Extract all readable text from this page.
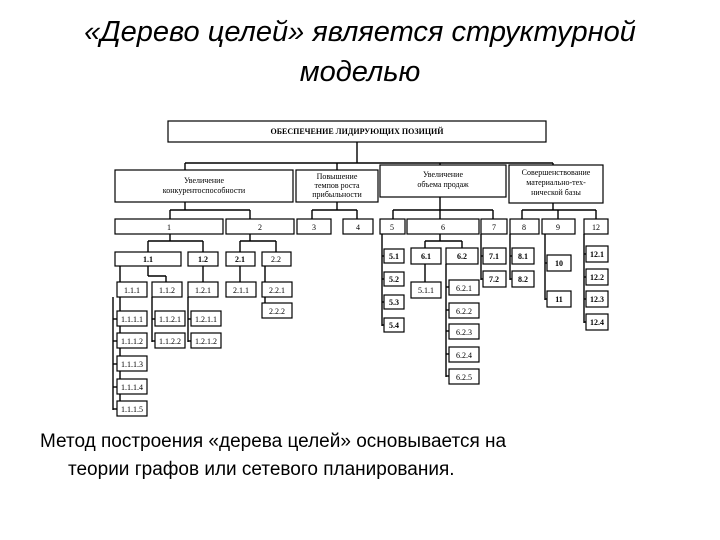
«Дерево целей» является структурной
моделью
ОБЕСПЕЧЕНИЕ ЛИДИРУЮЩИХ ПОЗИЦИЙ
Увеличение
конкурентоспособности
Повышение
темпов роста
прибыльности
Увеличение
объема продаж
Совершенствование
материально-тех-
нической базы
1	2	3	4	5	6	7	8	9	12
1.1	1.2	2.1	2.2	5.1
5.2
5.3
5.4
6.1	6.2	7.1
7.2
8.1
8.2
10
11
12.1
12.2
12.3
12.4
1.1.1 1.1.2	1.2.1	2.1.1	2.2.1
2.2.2
5.1.1	6.2.1
6.2.2
6.2.3
6.2.4
6.2.5
1.1.1.1
1.1.1.2
1.1.1.3
1.1.1.4
1.1.1.5
1.1.2.1
1.1.2.2
1.2.1.1
1.2.1.2
Метод построения «дерева целей» основывается на
теории графов или сетевого планирования.
